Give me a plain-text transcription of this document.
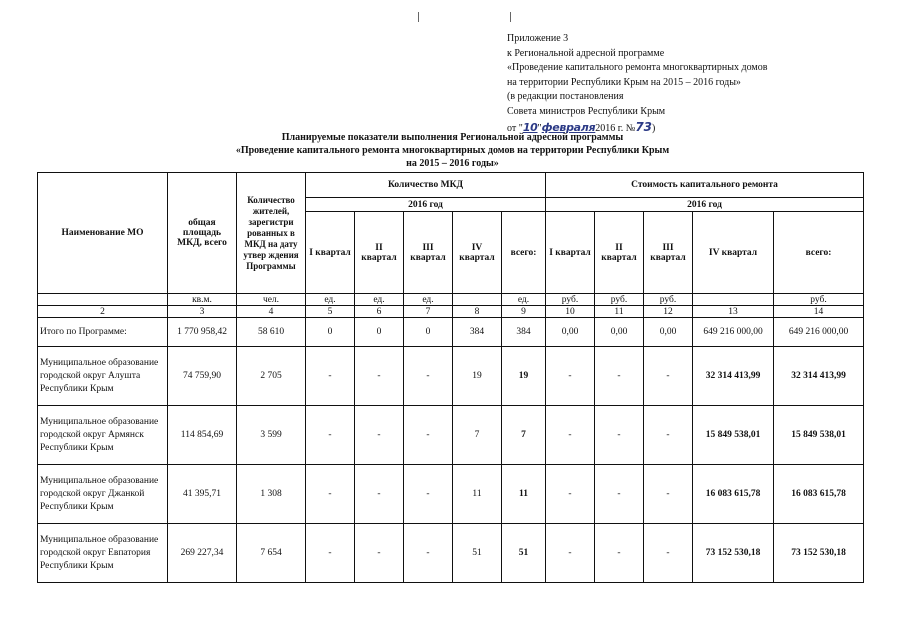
Приложение 3
к Региональной адресной программе
«Проведение капитального ремонта многоквартирных домов
на территории Республики Крым на 2015 – 2016 годы»
(в редакции постановления
Совета министров Республики Крым
от "10"февраля2016 г. №73)
Планируемые показатели выполнения Региональной адресной программы
«Проведение капитального ремонта многоквартирных домов на территории Республики Крым
на 2015 – 2016 годы»
Наименование МО	общая площадь МКД, всего	Количество жителей, зарегистри рованных в МКД на дату утвер ждения Программы	Количество МКД					Стоимость капитального ремонта				
			2016 год					2016 год				
			I квартал	II квартал	III квартал	IV квартал	всего:	I квартал	II квартал	III квартал	IV квартал	всего:
	кв.м.	чел.	ед.	ед.	ед.		ед.	руб.	руб.	руб.		руб.
2	3	4	5	6	7	8	9	10	11	12	13	14
Итого по Программе:	1 770 958,42	58 610	0	0	0	384	384	0,00	0,00	0,00	649 216 000,00	649 216 000,00
Муниципальное образование городской округ Алушта Республики Крым	74 759,90	2 705	-	-	-	19	19	-	-	-	32 314 413,99	32 314 413,99
Муниципальное образование городской округ Армянск Республики Крым	114 854,69	3 599	-	-	-	7	7	-	-	-	15 849 538,01	15 849 538,01
Муниципальное образование городской округ Джанкой Республики Крым	41 395,71	1 308	-	-	-	11	11	-	-	-	16 083 615,78	16 083 615,78
Муниципальное образование городской округ Евпатория Республики Крым	269 227,34	7 654	-	-	-	51	51	-	-	-	73 152 530,18	73 152 530,18
